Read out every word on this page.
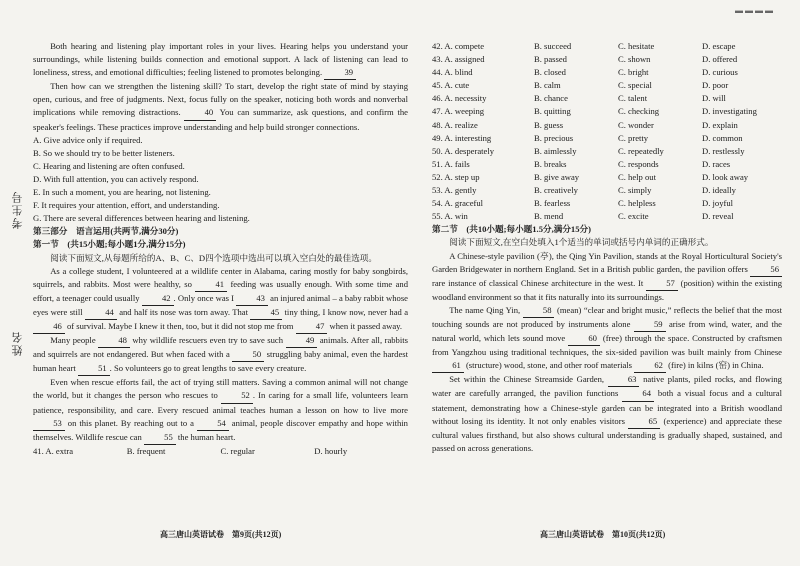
▬ ▬ ▬ ▬
考生号
姓名

Both hearing and listening play important roles in your lives. Hearing helps you understand your surroundings, while listening builds connection and emotional support. A lack of listening can lead to loneliness, stress, and emotional difficulties; feeling listened to promotes belonging.	39

Then how can we strengthen the listening skill? To start, develop the right state of mind by staying open, curious, and free of judgments. Next, focus fully on the speaker, noticing both words and nonverbal implications while removing distractions.	40 You can summarize, ask questions, and confirm the speaker's feelings. These practices improve understanding and help build stronger connections.

A. Give advice only if required.

B. So we should try to be better listeners.

C. Hearing and listening are often confused.

D. With full attention, you can actively respond.

E. In such a moment, you are hearing, not listening.

F. It requires your attention, effort, and understanding.

G. There are several differences between hearing and listening.

第三部分　语言运用(共两节,满分30分)

第一节　(共15小题;每小题1分,满分15分)

阅读下面短文,从每题所给的A、B、C、D四个选项中选出可以填入空白处的最佳选项。

As a college student, I volunteered at a wildlife center in Alabama, caring mostly for baby songbirds, squirrels, and rabbits. Most were healthy, so	41 feeding was usually enough. With some time and effort, a teenager could usually	42 . Only once was I	43 an injured animal – a baby rabbit whose eyes were still	44 and half its nose was torn away. That	45 tiny thing, I know now, never had a 46 of survival. Maybe I knew it then, too, but it did not stop me from	47 when it passed away.

Many people	48 why wildlife rescuers even try to save such	49 animals. After all, rabbits and squirrels are not endangered. But when faced with a	50 struggling baby animal, even the hardest human heart	51 . So volunteers go to great lengths to save every creature.

Even when rescue efforts fail, the act of trying still matters. Saving a common animal will not change the world, but it changes the person who rescues to	52 . In caring for a small life, volunteers learn patience, responsibility, and care. Every rescued animal teaches human a lesson on how to live more 53 on this planet. By reaching out to a	54 animal, people discover empathy and hope within themselves. Wildlife rescue can	55 the human heart.

41. A. extra	B. frequent	C. regular	D. hourly
42. A. compete	B. succeed	C. hesitate	D. escape
43. A. assigned	B. passed	C. shown	D. offered
44. A. blind	B. closed	C. bright	D. curious
45. A. cute	B. calm	C. special	D. poor
46. A. necessity	B. chance	C. talent	D. will
47. A. weeping	B. quitting	C. checking	D. investigating
48. A. realize	B. guess	C. wonder	D. explain
49. A. interesting	B. precious	C. pretty	D. common
50. A. desperately	B. aimlessly	C. repeatedly	D. restlessly
51. A. fails	B. breaks	C. responds	D. races
52. A. step up	B. give away	C. help out	D. look away
53. A. gently	B. creatively	C. simply	D. ideally
54. A. graceful	B. fearless	C. helpless	D. joyful
55. A. win	B. mend	C. excite	D. reveal

第二节　(共10小题;每小题1.5分,满分15分)

阅读下面短文,在空白处填入1个适当的单词或括号内单词的正确形式。

A Chinese-style pavilion (亭), the Qing Yin Pavilion, stands at the Royal Horticultural Society's Garden Bridgewater in northern England. Set in a British public garden, the pavilion offers	56 rare instance of classical Chinese architecture in the west. It	57 (position) within the existing woodland environment so that it fits naturally into its surroundings.

The name Qing Yin,	58 (mean) “clear and bright music,” reflects the belief that the most touching sounds are not produced by instruments alone	59 arise from wind, water, and the natural world, which lets sound move	60 (free) through the space. Constructed by craftsmen from Yangzhou using traditional techniques, the six-sided pavilion was built mainly from Chinese 61 (structure) wood, stone, and other roof materials	62 (fire) in kilns (窑) in China.

Set within the Chinese Streamside Garden,	63 native plants, piled rocks, and flowing water are carefully arranged, the pavilion functions	64 both a visual focus and a cultural statement, demonstrating how a Chinese-style garden can be integrated into a British woodland without losing its identity. It not only enables visitors	65 (experience) and appreciate these cultural values firsthand, but also shows cultural understanding is gradually shaped, sustained, and passed on across generations.

高三唐山英语试卷　第9页(共12页)	高三唐山英语试卷　第10页(共12页)
